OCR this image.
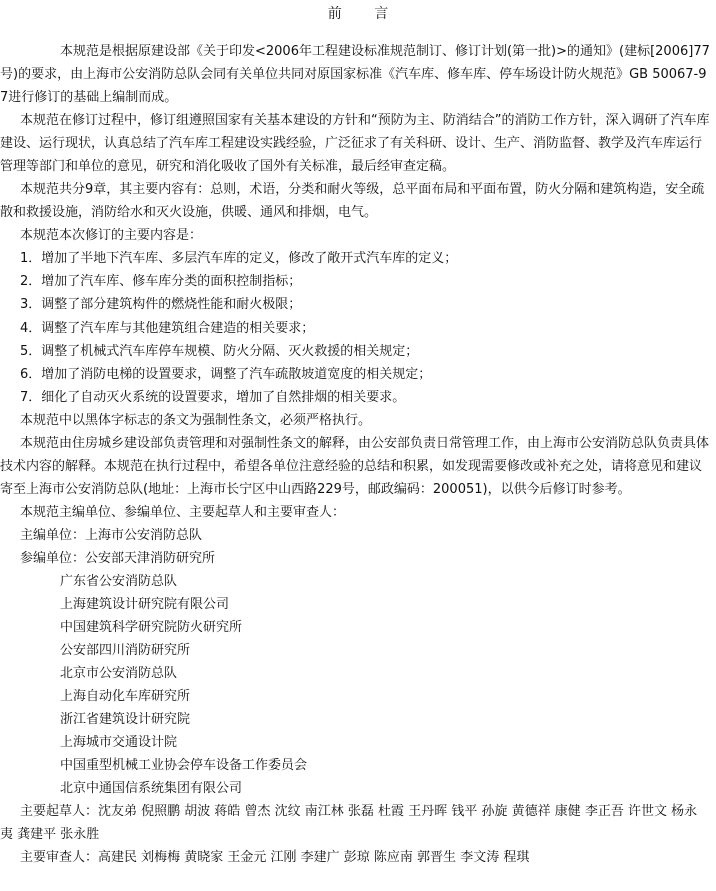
前 言

本规范是根据原建设部《关于印发<2006年工程建设标准规范制订、修订计划(第一批)>的通知》(建标[2006]77号)的要求，由上海市公安消防总队会同有关单位共同对原国家标准《汽车库、修车库、停车场设计防火规范》GB 50067-97进行修订的基础上编制而成。

本规范在修订过程中，修订组遵照国家有关基本建设的方针和“预防为主、防消结合”的消防工作方针，深入调研了汽车库建设、运行现状，认真总结了汽车库工程建设实践经验，广泛征求了有关科研、设计、生产、消防监督、教学及汽车库运行管理等部门和单位的意见，研究和消化吸收了国外有关标准，最后经审查定稿。

本规范共分9章，其主要内容有：总则，术语，分类和耐火等级，总平面布局和平面布置，防火分隔和建筑构造，安全疏散和救援设施，消防给水和灭火设施，供暖、通风和排烟，电气。

本规范本次修订的主要内容是：

1．增加了半地下汽车库、多层汽车库的定义，修改了敞开式汽车库的定义；

2．增加了汽车库、修车库分类的面积控制指标；

3．调整了部分建筑构件的燃烧性能和耐火极限；

4．调整了汽车库与其他建筑组合建造的相关要求；

5．调整了机械式汽车库停车规模、防火分隔、灭火救援的相关规定；

6．增加了消防电梯的设置要求，调整了汽车疏散坡道宽度的相关规定；

7．细化了自动灭火系统的设置要求，增加了自然排烟的相关要求。

本规范中以黑体字标志的条文为强制性条文，必须严格执行。

本规范由住房城乡建设部负责管理和对强制性条文的解释，由公安部负责日常管理工作，由上海市公安消防总队负责具体技术内容的解释。本规范在执行过程中，希望各单位注意经验的总结和积累，如发现需要修改或补充之处，请将意见和建议寄至上海市公安消防总队(地址：上海市长宁区中山西路229号，邮政编码：200051)，以供今后修订时参考。

本规范主编单位、参编单位、主要起草人和主要审查人：

主编单位：上海市公安消防总队

参编单位：公安部天津消防研究所

广东省公安消防总队

上海建筑设计研究院有限公司

中国建筑科学研究院防火研究所

公安部四川消防研究所

北京市公安消防总队

上海自动化车库研究所

浙江省建筑设计研究院

上海城市交通设计院

中国重型机械工业协会停车设备工作委员会

北京中通国信系统集团有限公司

主要起草人：沈友弟 倪照鹏 胡波 蒋皓 曾杰 沈纹 南江林 张磊 杜霞 王丹晖 钱平 孙旋 黄德祥 康健 李正吾 许世文 杨永夷 龚建平 张永胜

主要审查人：高建民 刘梅梅 黄晓家 王金元 江刚 李建广 彭琼 陈应南 郭晋生 李文涛 程琪
